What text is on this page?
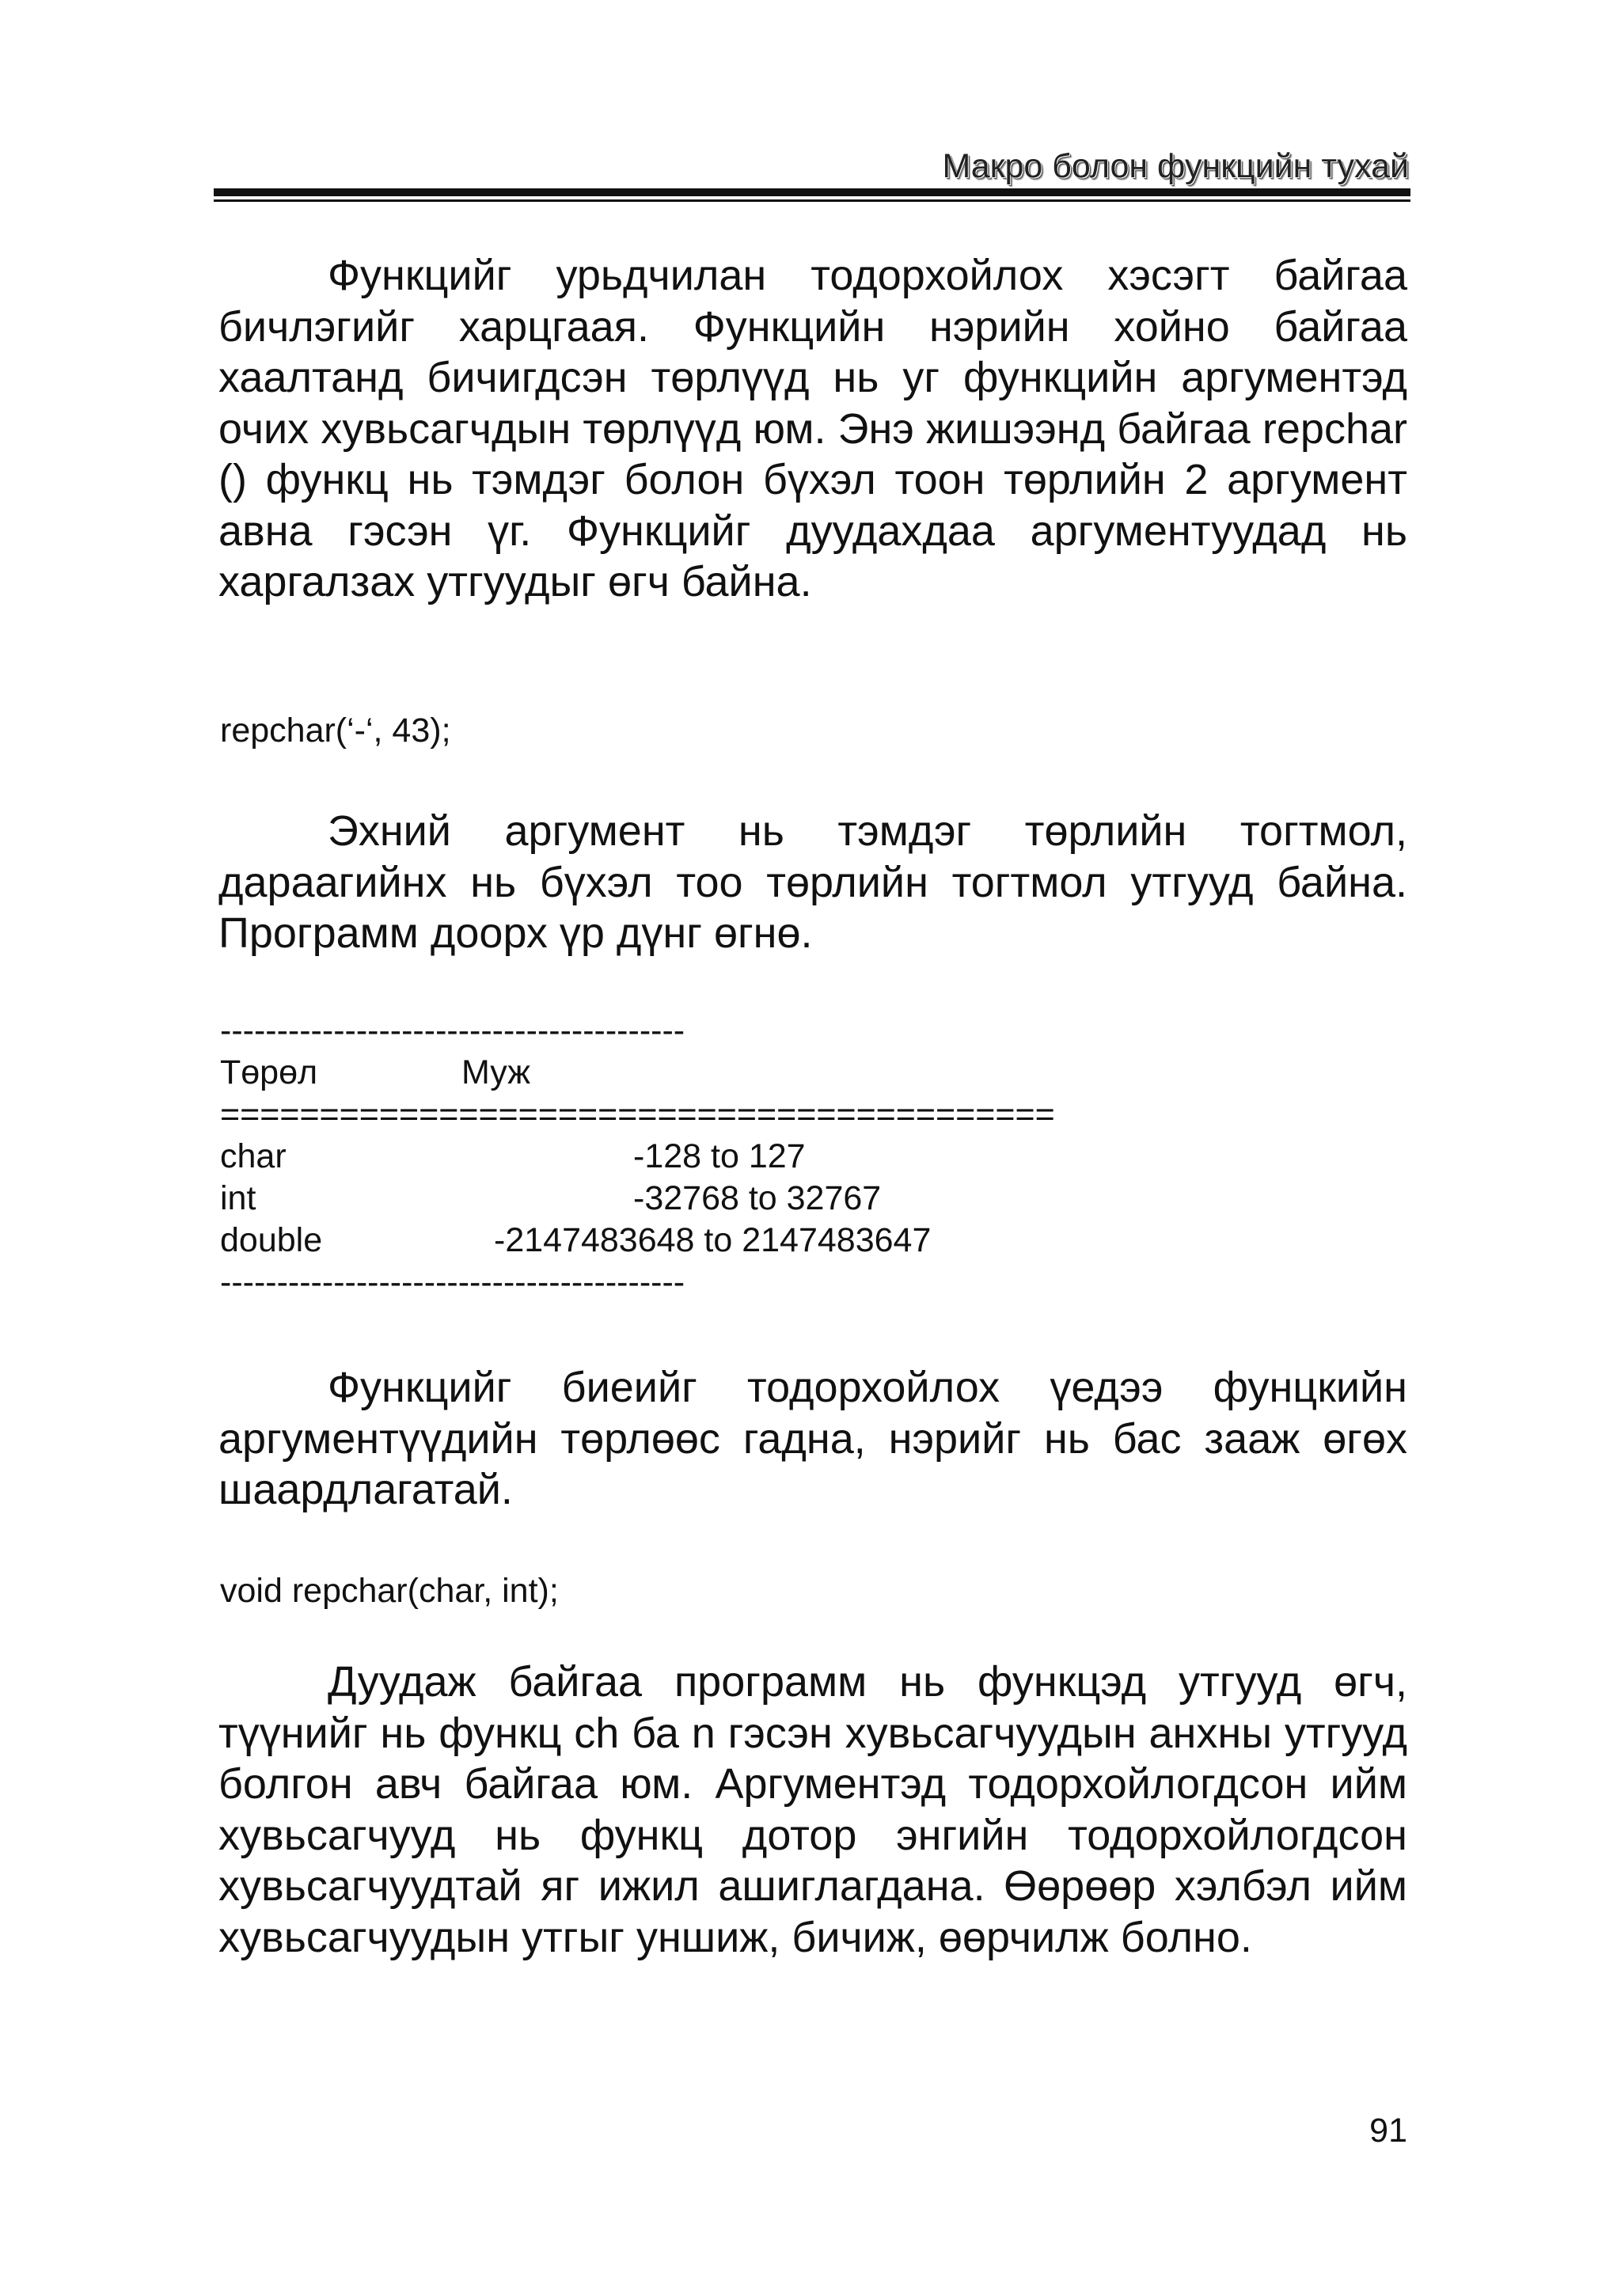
Макро болон функцийн тухай

Функцийг урьдчилан тодорхойлох хэсэгт байгаа бичлэгийг харцгаая. Функцийн нэрийн хойно байгаа хаалтанд бичигдсэн төрлүүд нь уг функцийн аргументэд очих хувьсагчдын төрлүүд юм. Энэ жишээнд байгаа repchar () функц нь тэмдэг болон бүхэл тоон төрлийн 2 аргумент авна гэсэн үг. Функцийг дуудахдаа аргументуудад нь харгалзах утгуудыг өгч байна.

repchar(‘-‘, 43);

Эхний аргумент нь тэмдэг төрлийн тогтмол, дараагийнх нь бүхэл тоо төрлийн тогтмол утгууд байна. Программ доорх үр дүнг өгнө.

-----------------------------------------
Төрөл	Муж
==========================================
char	-128 to 127
int	-32768 to 32767
double	-2147483648 to 2147483647
-----------------------------------------

Функцийг биеийг тодорхойлох үедээ фунцкийн аргументүүдийн төрлөөс гадна, нэрийг нь бас зааж өгөх шаардлагатай.

void repchar(char, int);

Дуудаж байгаа программ нь функцэд утгууд өгч, түүнийг нь функц ch ба n гэсэн хувьсагчуудын анхны утгууд болгон авч байгаа юм. Аргументэд тодорхойлогдсон ийм хувьсагчууд нь функц дотор энгийн тодорхойлогдсон хувьсагчуудтай яг ижил ашиглагдана. Өөрөөр хэлбэл ийм хувьсагчуудын утгыг уншиж, бичиж, өөрчилж болно.

91
